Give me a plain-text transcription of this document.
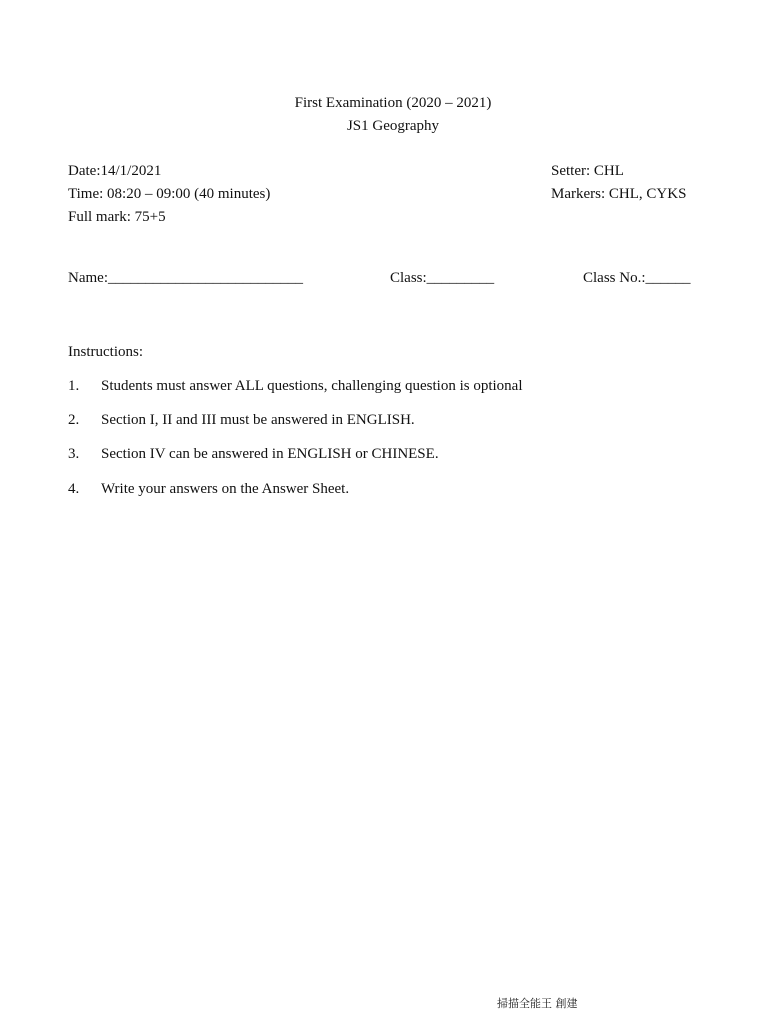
First Examination (2020 – 2021)
JS1 Geography
Date:14/1/2021
Time: 08:20 – 09:00 (40 minutes)
Full mark: 75+5
Setter: CHL
Markers: CHL, CYKS
Name:__________________________	Class:_________	Class No.:______
Instructions:
1. Students must answer ALL questions, challenging question is optional
2. Section I, II and III must be answered in ENGLISH.
3. Section IV can be answered in ENGLISH or CHINESE.
4. Write your answers on the Answer Sheet.
掃描全能王 創建
